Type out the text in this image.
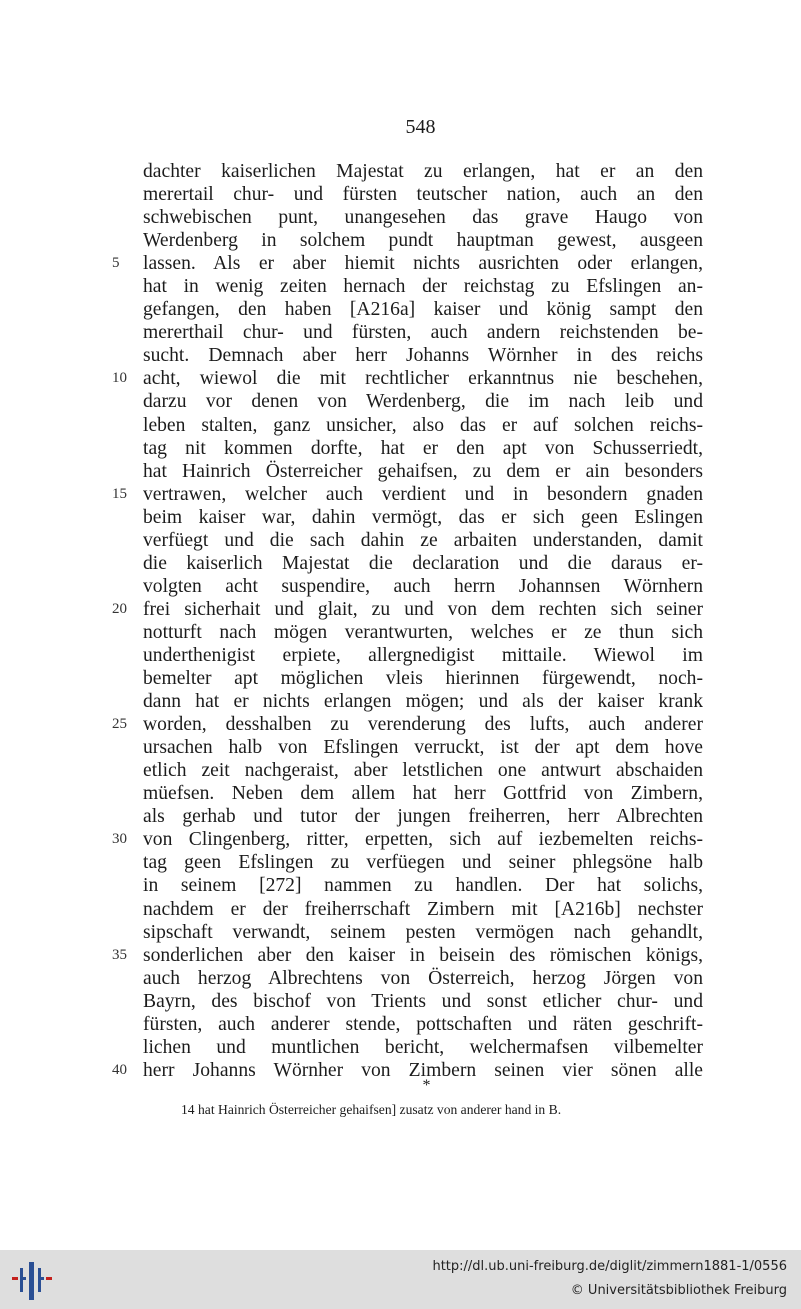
548
dachter kaiserlichen Majestat zu erlangen, hat er an den
merertail chur- und fürsten teutscher nation, auch an den
schwebischen punt, unangesehen das grave Haugo von
Werdenberg in solchem pundt hauptman gewest, ausgeen
5	lassen. Als er aber hiemit nichts ausrichten oder erlangen,
hat in wenig zeiten hernach der reichstag zu Efslingen an-
gefangen, den haben [A216a] kaiser und könig sampt den
mererthail chur- und fürsten, auch andern reichstenden be-
sucht. Demnach aber herr Johanns Wörnher in des reichs
10 acht, wiewol die mit rechtlicher erkanntnus nie beschehen,
darzu vor denen von Werdenberg, die im nach leib und
leben stalten, ganz unsicher, also das er auf solchen reichs-
tag nit kommen dorfte, hat er den apt von Schusserriedt,
hat Hainrich Österreicher gehaifsen, zu dem er ain besonders
15 vertrawen, welcher auch verdient und in besondern gnaden
beim kaiser war, dahin vermögt, das er sich geen Eslingen
verfüegt und die sach dahin ze arbaiten understanden, damit
die kaiserlich Majestat die declaration und die daraus er-
volgten acht suspendire, auch herrn Johannsen Wörnhern
20 frei sicherhait und glait, zu und von dem rechten sich seiner
notturft nach mögen verantwurten, welches er ze thun sich
underthenigist erpiete, allergnedigist mittaile. Wiewol im
bemelter apt möglichen vleis hierinnen fürgewendt, noch-
dann hat er nichts erlangen mögen; und als der kaiser krank
25 worden, desshalben zu verenderung des lufts, auch anderer
ursachen halb von Efslingen verruckt, ist der apt dem hove
etlich zeit nachgeraist, aber letstlichen one antwurt abschaiden
müefsen. Neben dem allem hat herr Gottfrid von Zimbern,
als gerhab und tutor der jungen freiherren, herr Albrechten
30 von Clingenberg, ritter, erpetten, sich auf iezbemelten reichs-
tag geen Efslingen zu verfüegen und seiner phlegsöne halb
in seinem [272] nammen zu handlen. Der hat solichs,
nachdem er der freiherrschaft Zimbern mit [A216b] nechster
sipschaft verwandt, seinem pesten vermögen nach gehandlt,
35 sonderlichen aber den kaiser in beisein des römischen königs,
auch herzog Albrechtens von Österreich, herzog Jörgen von
Bayrn, des bischof von Trients und sonst etlicher chur- und
fürsten, auch anderer stende, pottschaften und räten geschrift-
lichen und muntlichen bericht, welchermafsen vilbemelter
40 herr Johanns Wörnher von Zimbern seinen vier sönen alle
*
14 hat Hainrich Österreicher gehaifsen] zusatz von anderer hand in B.
http://dl.ub.uni-freiburg.de/diglit/zimmern1881-1/0556
© Universitätsbibliothek Freiburg
